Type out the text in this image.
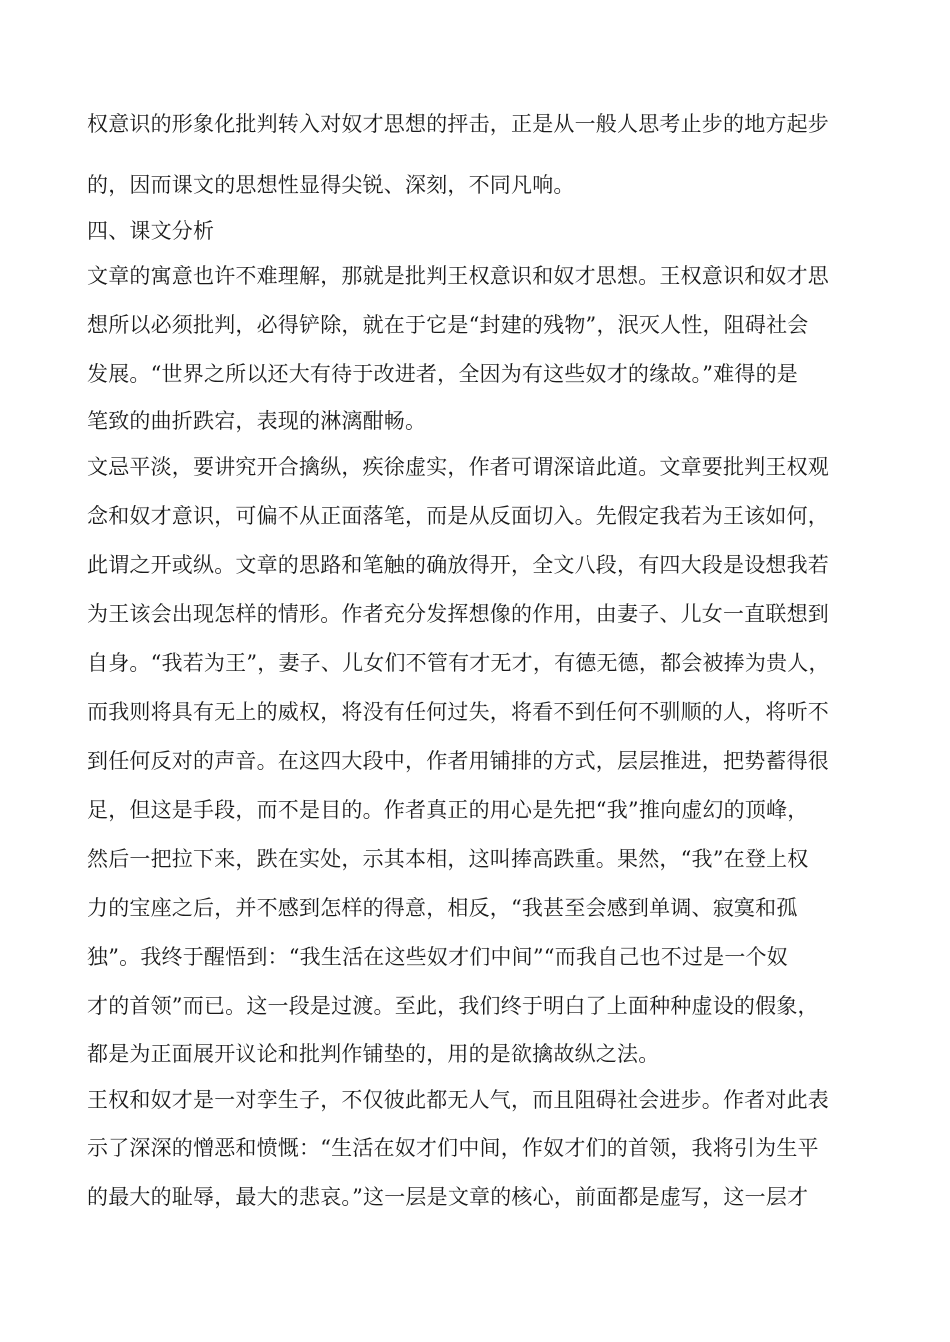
权意识的形象化批判转入对奴才思想的抨击，正是从一般人思考止步的地方起步
的，因而课文的思想性显得尖锐、深刻，不同凡响。
四、课文分析
文章的寓意也许不难理解，那就是批判王权意识和奴才思想。王权意识和奴才思
想所以必须批判，必得铲除，就在于它是“封建的残物”，泯灭人性，阻碍社会
发展。“世界之所以还大有待于改进者，全因为有这些奴才的缘故。”难得的是
笔致的曲折跌宕，表现的淋漓酣畅。
文忌平淡，要讲究开合擒纵，疾徐虚实，作者可谓深谙此道。文章要批判王权观
念和奴才意识，可偏不从正面落笔，而是从反面切入。先假定我若为王该如何，
此谓之开或纵。文章的思路和笔触的确放得开，全文八段，有四大段是设想我若
为王该会出现怎样的情形。作者充分发挥想像的作用，由妻子、儿女一直联想到
自身。“我若为王”，妻子、儿女们不管有才无才，有德无德，都会被捧为贵人，
而我则将具有无上的威权，将没有任何过失，将看不到任何不驯顺的人，将听不
到任何反对的声音。在这四大段中，作者用铺排的方式，层层推进，把势蓄得很
足，但这是手段，而不是目的。作者真正的用心是先把“我”推向虚幻的顶峰，
然后一把拉下来，跌在实处，示其本相，这叫捧高跌重。果然，“我”在登上权
力的宝座之后，并不感到怎样的得意，相反，“我甚至会感到单调、寂寞和孤
独”。我终于醒悟到：“我生活在这些奴才们中间”“而我自己也不过是一个奴
才的首领”而已。这一段是过渡。至此，我们终于明白了上面种种虚设的假象，
都是为正面展开议论和批判作铺垫的，用的是欲擒故纵之法。
王权和奴才是一对孪生子，不仅彼此都无人气，而且阻碍社会进步。作者对此表
示了深深的憎恶和愤慨：“生活在奴才们中间，作奴才们的首领，我将引为生平
的最大的耻辱，最大的悲哀。”这一层是文章的核心，前面都是虚写，这一层才
